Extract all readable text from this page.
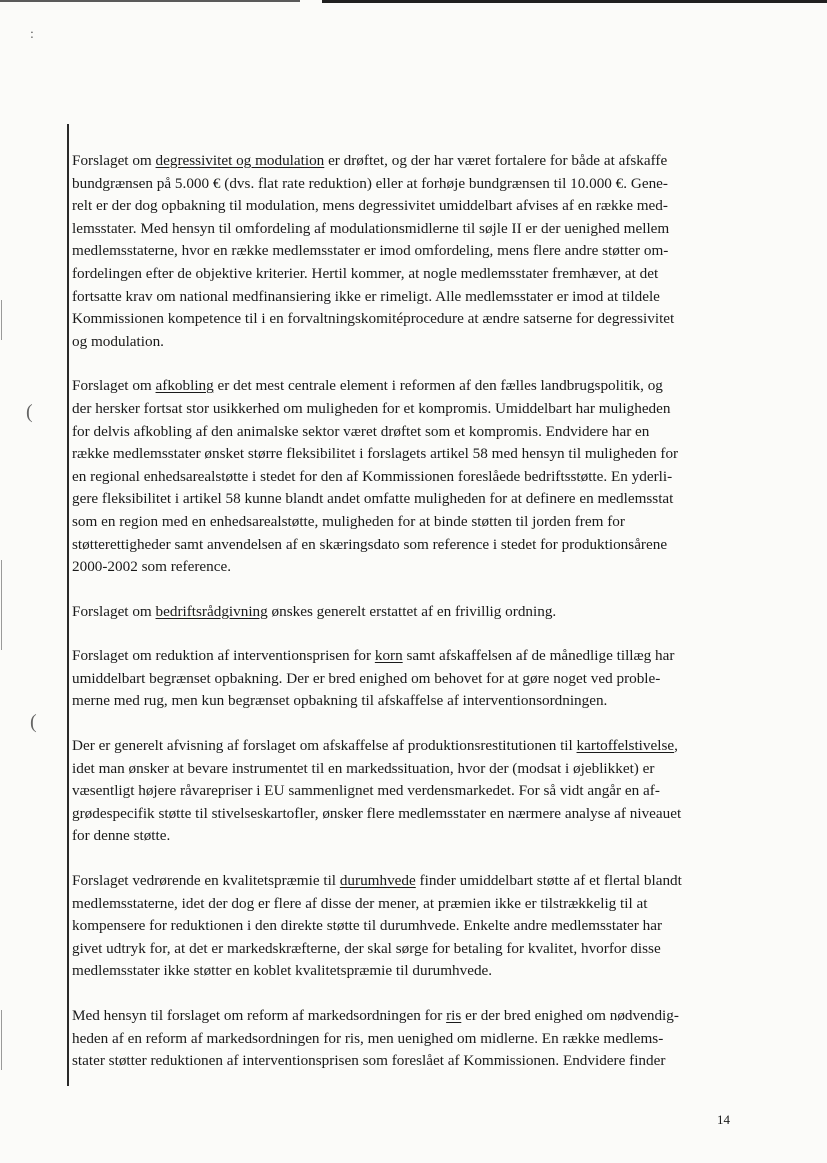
:
(
(

Forslaget om degressivitet og modulation er drøftet, og der har været fortalere for både at afskaffe
bundgrænsen på 5.000 € (dvs. flat rate reduktion) eller at forhøje bundgrænsen til 10.000 €. Gene-
relt er der dog opbakning til modulation, mens degressivitet umiddelbart afvises af en række med-
lemsstater. Med hensyn til omfordeling af modulationsmidlerne til søjle II er der uenighed mellem
medlemsstaterne, hvor en række medlemsstater er imod omfordeling, mens flere andre støtter om-
fordelingen efter de objektive kriterier. Hertil kommer, at nogle medlemsstater fremhæver, at det
fortsatte krav om national medfinansiering ikke er rimeligt. Alle medlemsstater er imod at tildele
Kommissionen kompetence til i en forvaltningskomitéprocedure at ændre satserne for degressivitet
og modulation.

Forslaget om afkobling er det mest centrale element i reformen af den fælles landbrugspolitik, og
der hersker fortsat stor usikkerhed om muligheden for et kompromis. Umiddelbart har muligheden
for delvis afkobling af den animalske sektor været drøftet som et kompromis. Endvidere har en
række medlemsstater ønsket større fleksibilitet i forslagets artikel 58 med hensyn til muligheden for
en regional enhedsarealstøtte i stedet for den af Kommissionen foreslåede bedriftsstøtte. En yderli-
gere fleksibilitet i artikel 58 kunne blandt andet omfatte muligheden for at definere en medlemsstat
som en region med en enhedsarealstøtte, muligheden for at binde støtten til jorden frem for
støtterettigheder samt anvendelsen af en skæringsdato som reference i stedet for produktionsårene
2000-2002 som reference.

Forslaget om bedriftsrådgivning ønskes generelt erstattet af en frivillig ordning.

Forslaget om reduktion af interventionsprisen for korn samt afskaffelsen af de månedlige tillæg har
umiddelbart begrænset opbakning. Der er bred enighed om behovet for at gøre noget ved proble-
merne med rug, men kun begrænset opbakning til afskaffelse af interventionsordningen.

Der er generelt afvisning af forslaget om afskaffelse af produktionsrestitutionen til kartoffelstivelse,
idet man ønsker at bevare instrumentet til en markedssituation, hvor der (modsat i øjeblikket) er
væsentligt højere råvarepriser i EU sammenlignet med verdensmarkedet. For så vidt angår en af-
grødespecifik støtte til stivelseskartofler, ønsker flere medlemsstater en nærmere analyse af niveauet
for denne støtte.

Forslaget vedrørende en kvalitetspræmie til durumhvede finder umiddelbart støtte af et flertal blandt
medlemsstaterne, idet der dog er flere af disse der mener, at præmien ikke er tilstrækkelig til at
kompensere for reduktionen i den direkte støtte til durumhvede. Enkelte andre medlemsstater har
givet udtryk for, at det er markedskræfterne, der skal sørge for betaling for kvalitet, hvorfor disse
medlemsstater ikke støtter en koblet kvalitetspræmie til durumhvede.

Med hensyn til forslaget om reform af markedsordningen for ris er der bred enighed om nødvendig-
heden af en reform af markedsordningen for ris, men uenighed om midlerne. En række medlems-
stater støtter reduktionen af interventionsprisen som foreslået af Kommissionen. Endvidere finder

14
